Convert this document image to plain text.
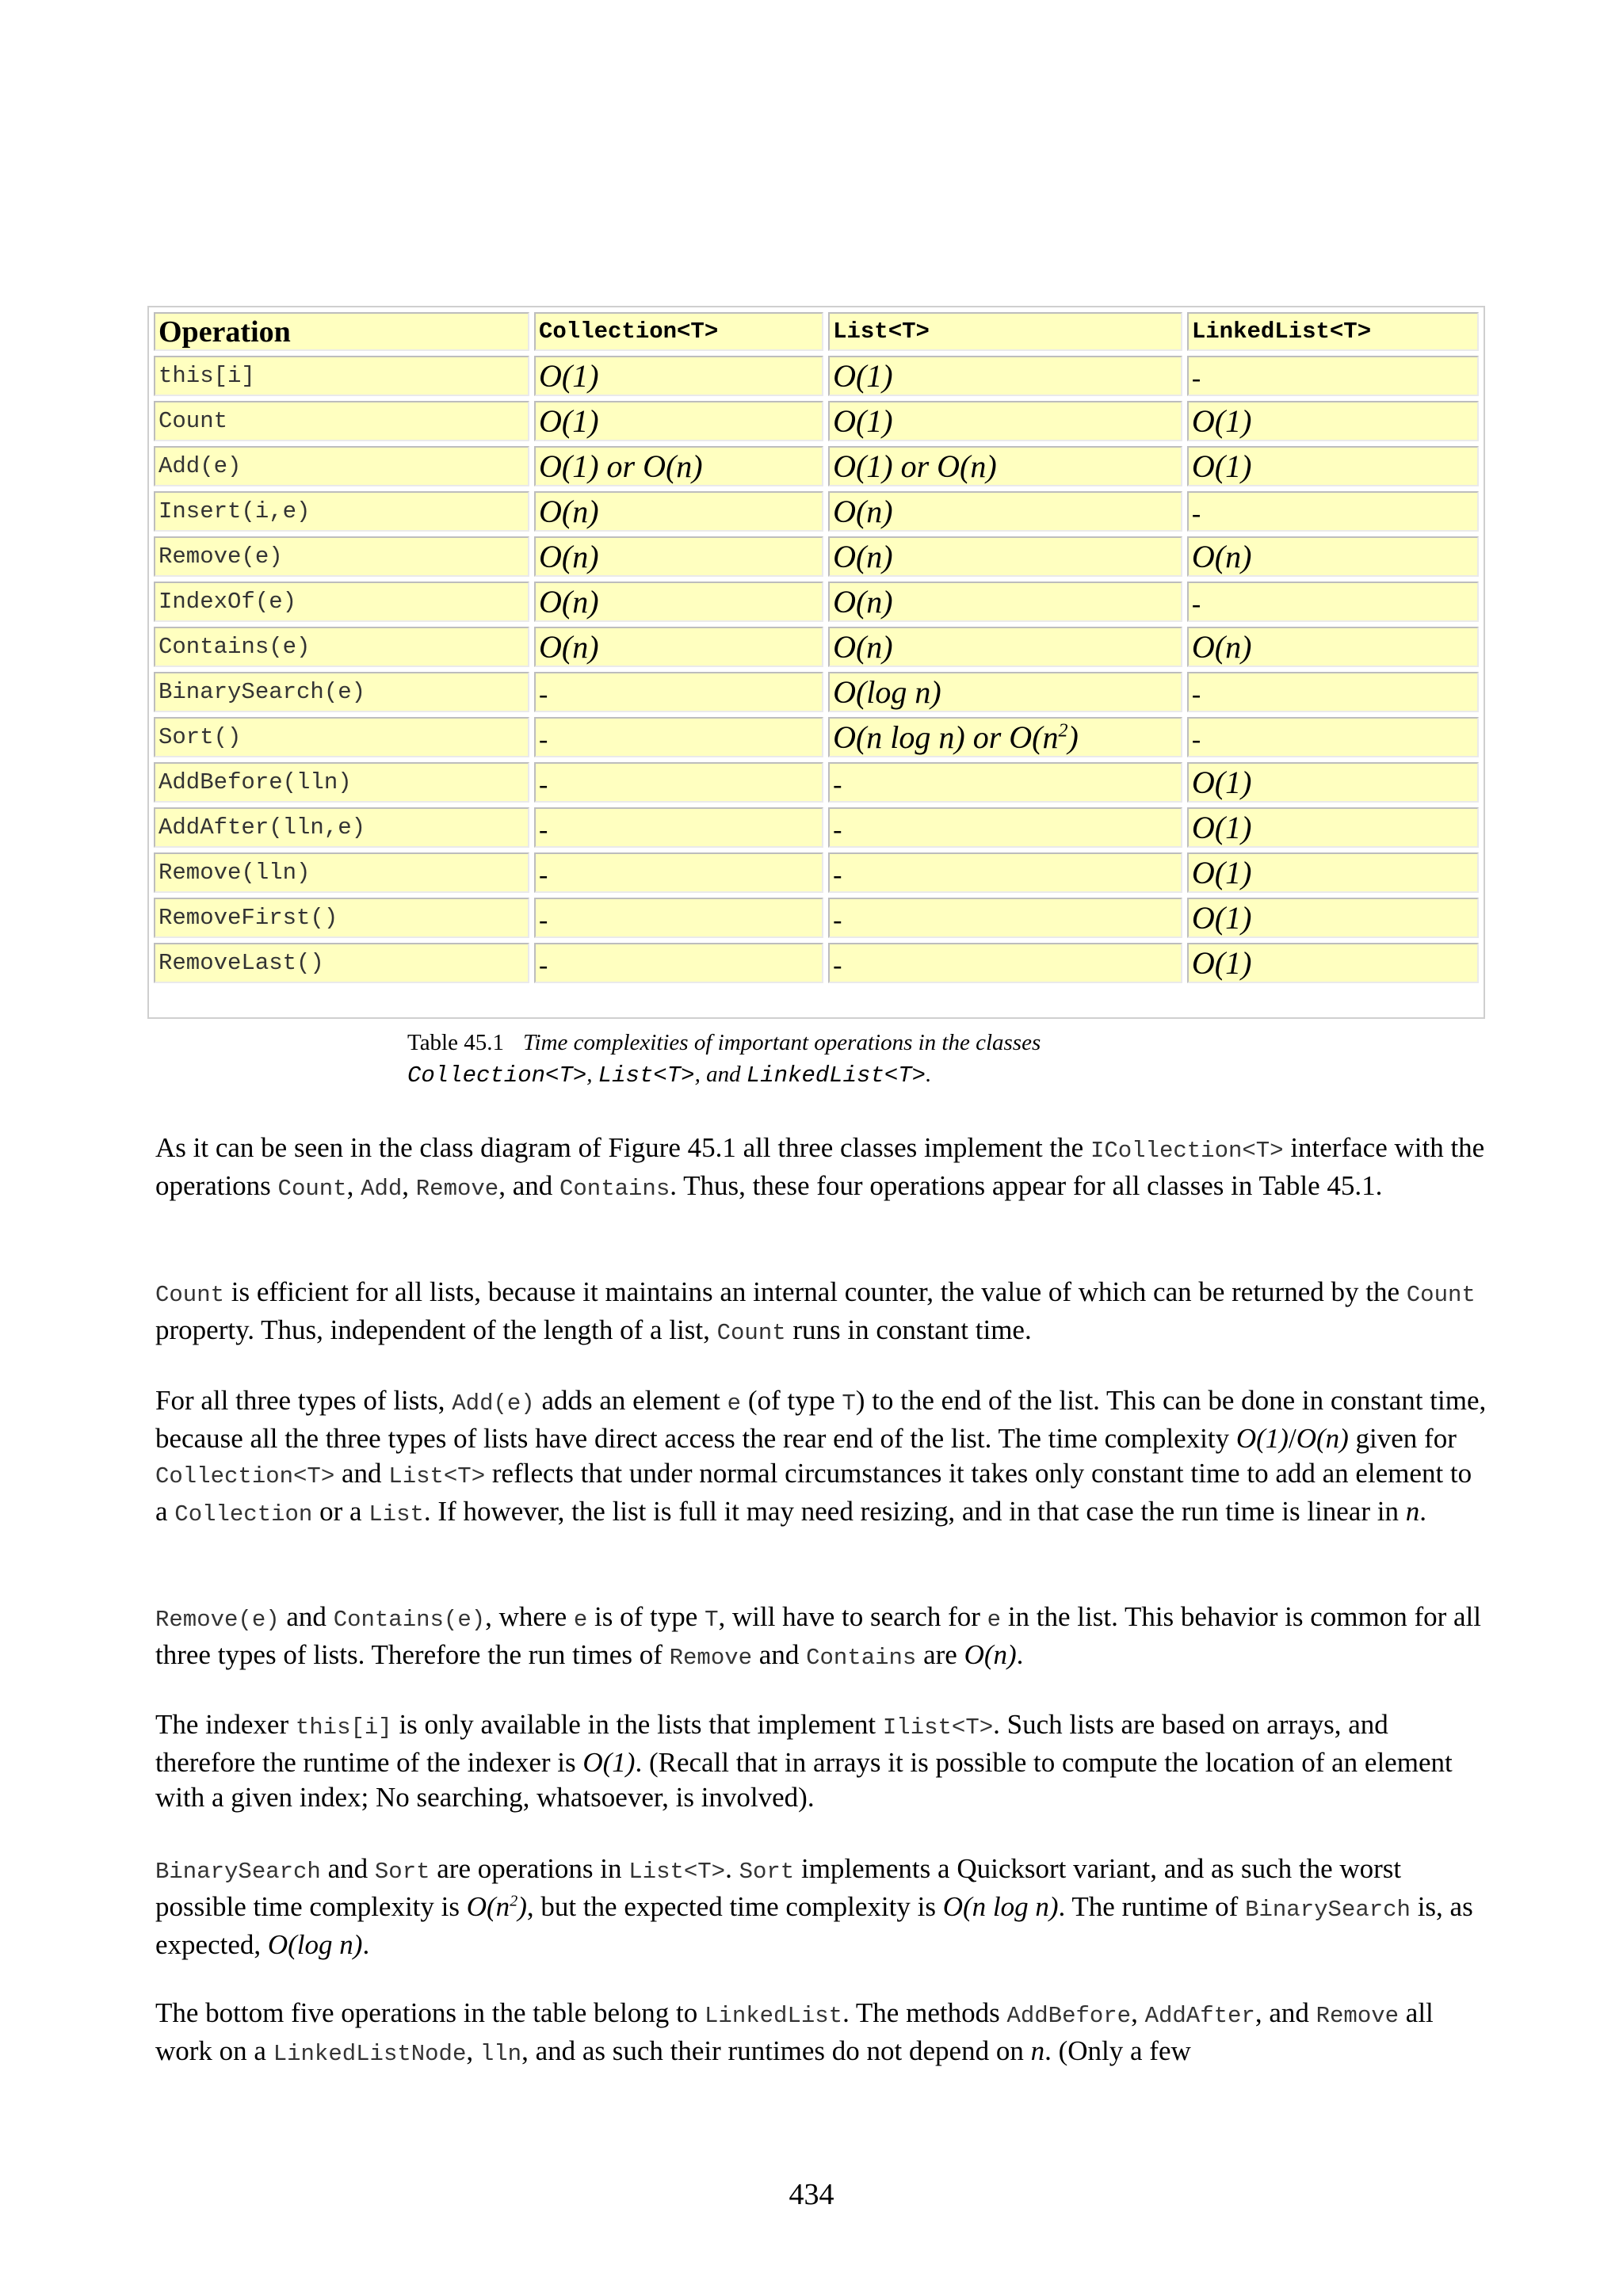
Operation	Collection<T>	List<T>	LinkedList<T>
this[i]	O(1)	O(1)	-
Count	O(1)	O(1)	O(1)
Add(e)	O(1) or O(n)	O(1) or O(n)	O(1)
Insert(i,e)	O(n)	O(n)	-
Remove(e)	O(n)	O(n)	O(n)
IndexOf(e)	O(n)	O(n)	-
Contains(e)	O(n)	O(n)	O(n)
BinarySearch(e)	-	O(log n)	-
Sort()	-	O(n log n) or $O(n^2)$	-
AddBefore(lln)	-	-	O(1)
AddAfter(lln,e)	-	-	O(1)
Remove(lln)	-	-	O(1)
RemoveFirst()	-	-	O(1)
RemoveLast()	-	-	O(1)
Table 45.1 Time complexities of important operations in the classes
Collection<T>, List<T>, and LinkedList<T>.
As it can be seen in the class diagram of Figure 45.1 all three classes implement the ICollection<T> interface with the operations Count, Add, Remove, and Contains. Thus, these four operations appear for all classes in Table 45.1.
Count is efficient for all lists, because it maintains an internal counter, the value of which can be returned by the Count property. Thus, independent of the length of a list, Count runs in constant time.
For all three types of lists, Add(e) adds an element e (of type T) to the end of the list. This can be done in constant time, because all the three types of lists have direct access the rear end of the list. The time complexity O(1)/O(n) given for Collection<T> and List<T> reflects that under normal circumstances it takes only constant time to add an element to a Collection or a List. If however, the list is full it may need resizing, and in that case the run time is linear in n.
Remove(e) and Contains(e), where e is of type T, will have to search for e in the list. This behavior is common for all three types of lists. Therefore the run times of Remove and Contains are O(n).
The indexer this[i] is only available in the lists that implement Ilist<T>. Such lists are based on arrays, and therefore the runtime of the indexer is O(1). (Recall that in arrays it is possible to compute the location of an element with a given index; No searching, whatsoever, is involved).
BinarySearch and Sort are operations in List<T>. Sort implements a Quicksort variant, and as such the worst possible time complexity is $O(n^2)$, but the expected time complexity is O(n log n). The runtime of BinarySearch is, as expected, O(log n).
The bottom five operations in the table belong to LinkedList. The methods AddBefore, AddAfter, and Remove all work on a LinkedListNode, lln, and as such their runtimes do not depend on n. (Only a few
434
